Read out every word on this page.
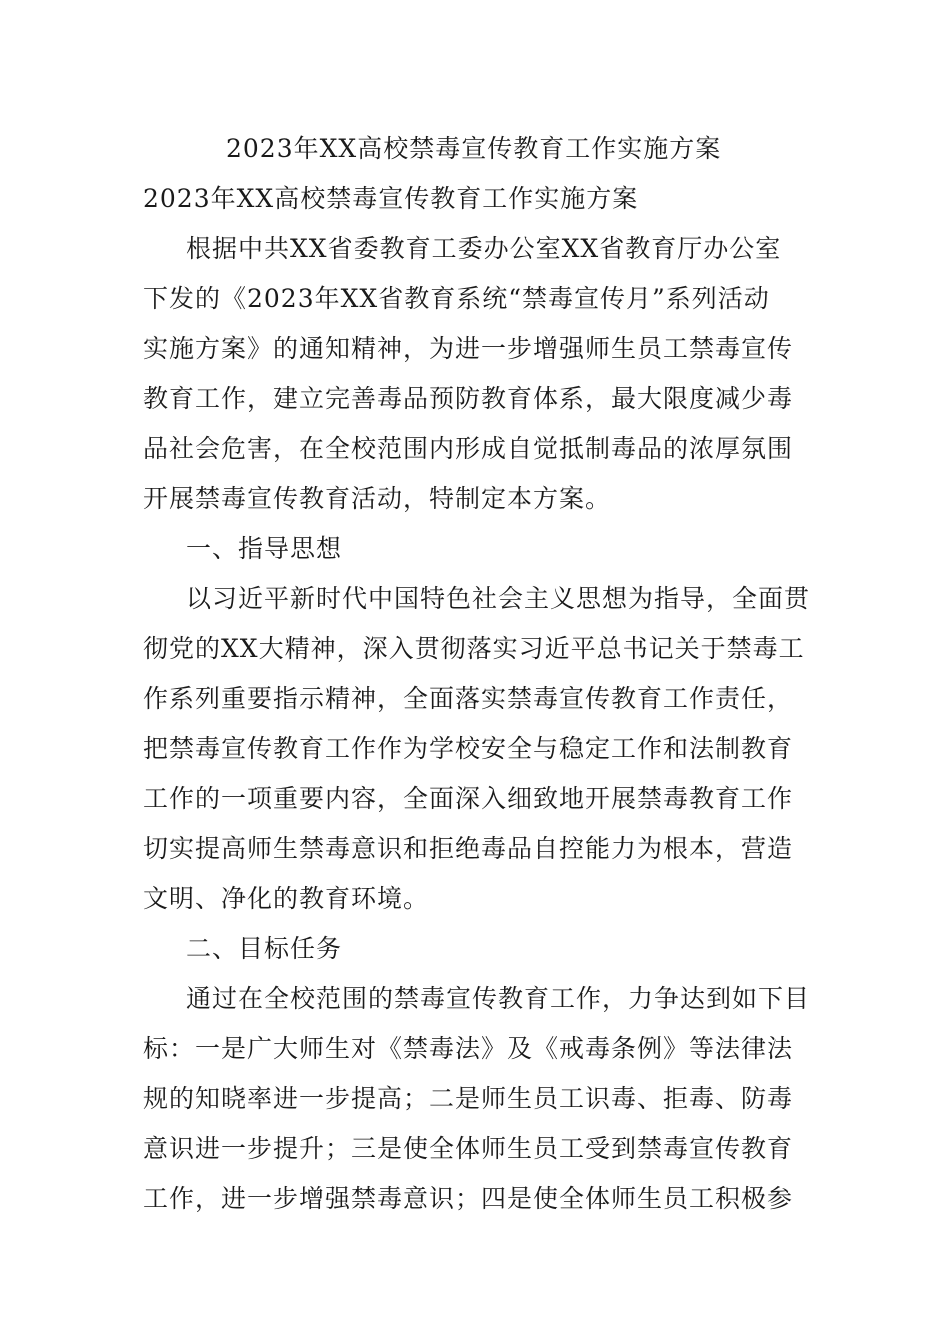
2023年XX高校禁毒宣传教育工作实施方案
2023年XX高校禁毒宣传教育工作实施方案
根据中共XX省委教育工委办公室XX省教育厅办公室
下发的《2023年XX省教育系统“禁毒宣传月”系列活动
实施方案》的通知精神，为进一步增强师生员工禁毒宣传
教育工作，建立完善毒品预防教育体系，最大限度减少毒
品社会危害，在全校范围内形成自觉抵制毒品的浓厚氛围
开展禁毒宣传教育活动，特制定本方案。
一、指导思想
以习近平新时代中国特色社会主义思想为指导，全面贯
彻党的XX大精神，深入贯彻落实习近平总书记关于禁毒工
作系列重要指示精神，全面落实禁毒宣传教育工作责任，
把禁毒宣传教育工作作为学校安全与稳定工作和法制教育
工作的一项重要内容，全面深入细致地开展禁毒教育工作
切实提高师生禁毒意识和拒绝毒品自控能力为根本，营造
文明、净化的教育环境。
二、目标任务
通过在全校范围的禁毒宣传教育工作，力争达到如下目
标：一是广大师生对《禁毒法》及《戒毒条例》等法律法
规的知晓率进一步提高；二是师生员工识毒、拒毒、防毒
意识进一步提升；三是使全体师生员工受到禁毒宣传教育
工作，进一步增强禁毒意识；四是使全体师生员工积极参
